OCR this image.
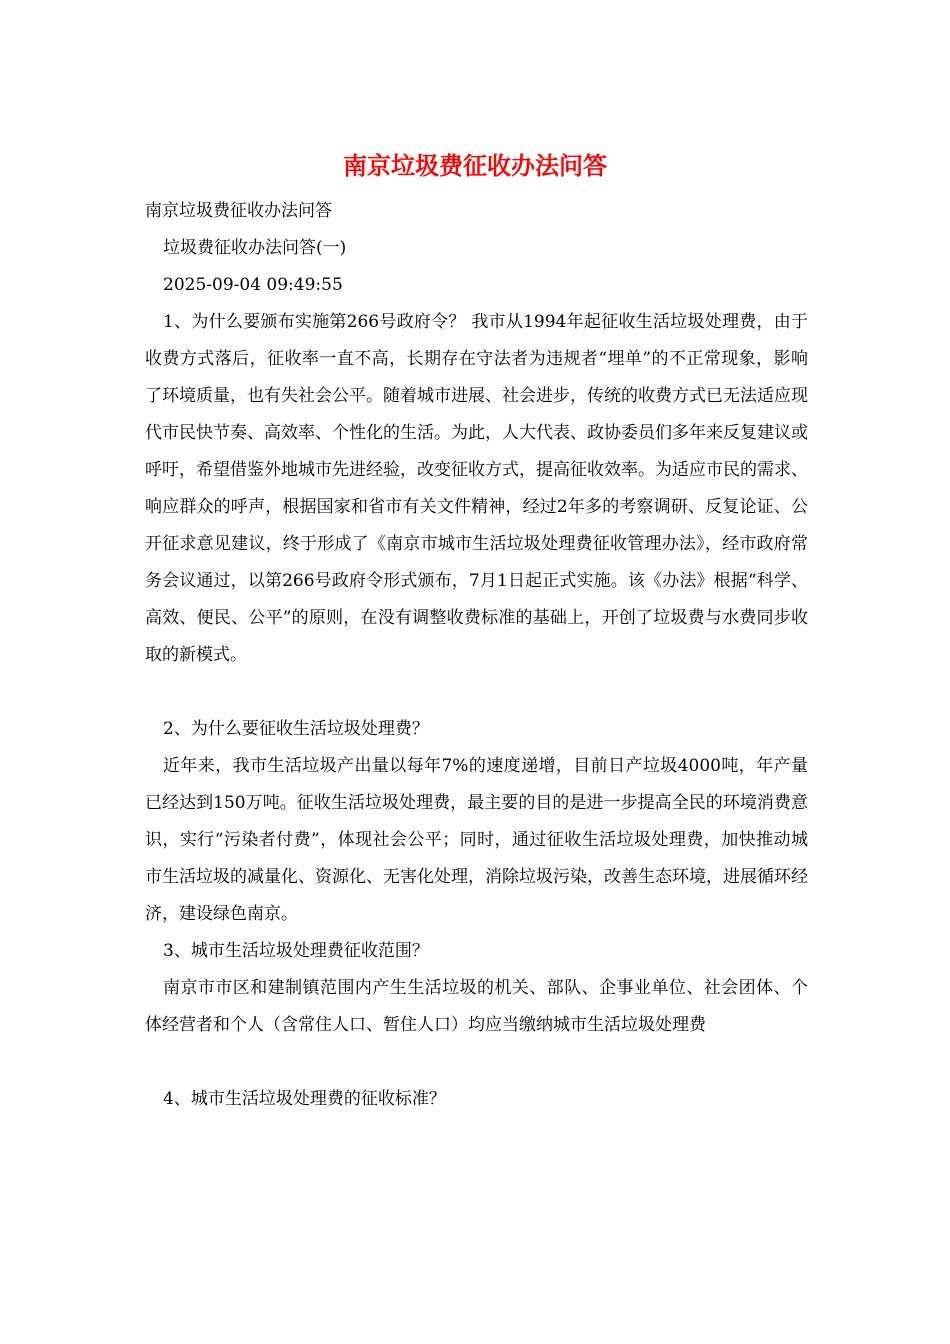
南京垃圾费征收办法问答

南京垃圾费征收办法问答

垃圾费征收办法问答(一)

2025-09-04 09:49:55

1、为什么要颁布实施第266号政府令？ 我市从1994年起征收生活垃圾处理费，由于收费方式落后，征收率一直不高，长期存在守法者为违规者“埋单”的不正常现象，影响了环境质量，也有失社会公平。随着城市进展、社会进步，传统的收费方式已无法适应现代市民快节奏、高效率、个性化的生活。为此，人大代表、政协委员们多年来反复建议或呼吁，希望借鉴外地城市先进经验，改变征收方式，提高征收效率。为适应市民的需求、响应群众的呼声，根据国家和省市有关文件精神，经过2年多的考察调研、反复论证、公开征求意见建议，终于形成了《南京市城市生活垃圾处理费征收管理办法》，经市政府常务会议通过，以第266号政府令形式颁布，7月1日起正式实施。该《办法》根据“科学、高效、便民、公平”的原则，在没有调整收费标准的基础上，开创了垃圾费与水费同步收取的新模式。

2、为什么要征收生活垃圾处理费？

近年来，我市生活垃圾产出量以每年7%的速度递增，目前日产垃圾4000吨，年产量已经达到150万吨。征收生活垃圾处理费，最主要的目的是进一步提高全民的环境消费意识，实行“污染者付费”，体现社会公平；同时，通过征收生活垃圾处理费，加快推动城市生活垃圾的减量化、资源化、无害化处理，消除垃圾污染，改善生态环境，进展循环经济，建设绿色南京。

3、城市生活垃圾处理费征收范围？

南京市市区和建制镇范围内产生生活垃圾的机关、部队、企事业单位、社会团体、个体经营者和个人（含常住人口、暂住人口）均应当缴纳城市生活垃圾处理费

4、城市生活垃圾处理费的征收标准？
